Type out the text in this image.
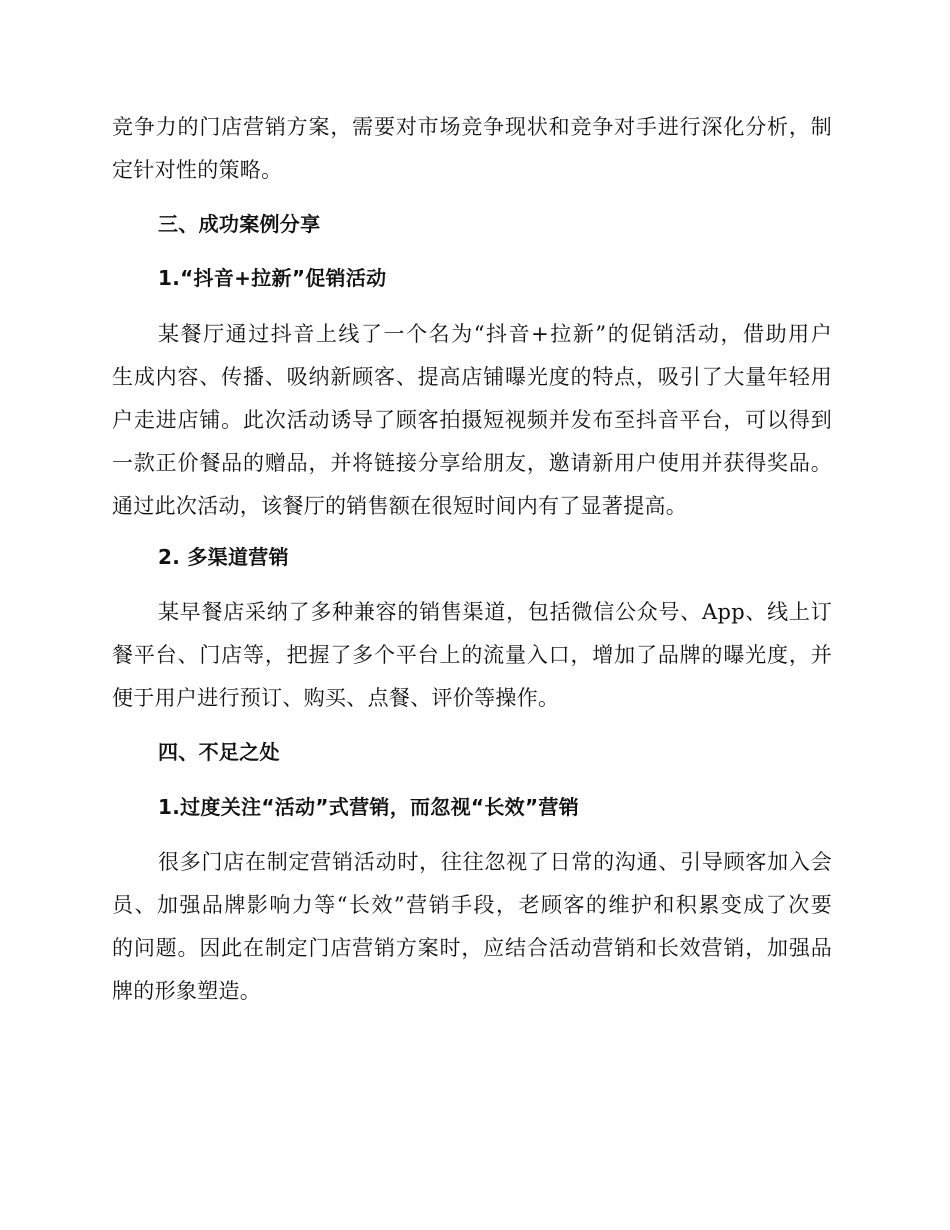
竞争力的门店营销方案，需要对市场竞争现状和竞争对手进行深化分析，制
定针对性的策略。
三、成功案例分享
1.“抖音+拉新”促销活动
某餐厅通过抖音上线了一个名为“抖音+拉新”的促销活动，借助用户
生成内容、传播、吸纳新顾客、提高店铺曝光度的特点，吸引了大量年轻用
户走进店铺。此次活动诱导了顾客拍摄短视频并发布至抖音平台，可以得到
一款正价餐品的赠品，并将链接分享给朋友，邀请新用户使用并获得奖品。
通过此次活动，该餐厅的销售额在很短时间内有了显著提高。
2. 多渠道营销
某早餐店采纳了多种兼容的销售渠道，包括微信公众号、App、线上订
餐平台、门店等，把握了多个平台上的流量入口，增加了品牌的曝光度，并
便于用户进行预订、购买、点餐、评价等操作。
四、不足之处
1.过度关注“活动”式营销，而忽视“长效”营销
很多门店在制定营销活动时，往往忽视了日常的沟通、引导顾客加入会
员、加强品牌影响力等“长效”营销手段，老顾客的维护和积累变成了次要
的问题。因此在制定门店营销方案时，应结合活动营销和长效营销，加强品
牌的形象塑造。
